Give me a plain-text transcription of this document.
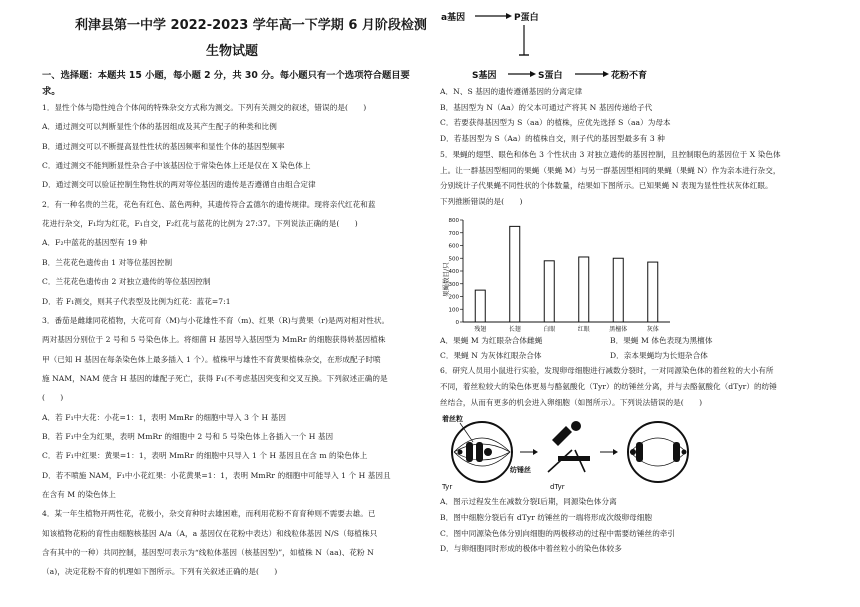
利津县第一中学 2022-2023 学年高一下学期 6 月阶段检测
生物试题
一、选择题：本题共 15 小题，每小题 2 分，共 30 分。每小题只有一个选项符合题目要
求。
1．显性个体与隐性纯合个体间的特殊杂交方式称为测交。下列有关测交的叙述，错误的是(　　)
A．通过测交可以判断显性个体的基因组成及其产生配子的种类和比例
B．通过测交可以不断提高显性性状的基因频率和显性个体的基因型频率
C．通过测交不能判断显性杂合子中该基因位于常染色体上还是仅在 X 染色体上
D．通过测交可以验证控制生物性状的两对等位基因的遗传是否遵循自由组合定律
2．有一种名贵的兰花，花色有红色、蓝色两种，其遗传符合孟德尔的遗传规律。现将亲代红花和蓝
花进行杂交，F₁均为红花，F₁自交，F₂红花与蓝花的比例为 27:37。下列说法正确的是(　　)
A．F₂中蓝花的基因型有 19 种
B．兰花花色遗传由 1 对等位基因控制
C．兰花花色遗传由 2 对独立遗传的等位基因控制
D．若 F₁测交，则其子代表型及比例为红花：蓝花=7:1
3．番茄是雌雄同花植物，大花可育（M)与小花雄性不育（m)、红果（R)与黄果（r)是两对相对性状。
两对基因分别位于 2 号和 5 号染色体上。将细菌 H 基因导入基因型为 MmRr 的细胞获得转基因植株
甲（已知 H 基因在每条染色体上最多插入 1 个）。植株甲与雄性不育黄果植株杂交，在形成配子时喷
施 NAM，NAM 使含 H 基因的雄配子死亡，获得 F₁(不考虑基因突变和交叉互换。下列叙述正确的是
(　　)
A．若 F₁中大花：小花=1：1，表明 MmRr 的细胞中导入 3 个 H 基因
B．若 F₁中全为红果，表明 MmRr 的细胞中 2 号和 5 号染色体上各插入一个 H 基因
C．若 F₁中红果：黄果=1：1，表明 MmRr 的细胞中只导入 1 个 H 基因且在含 m 的染色体上
D．若不喷施 NAM，F₁中小花红果：小花黄果=1：1，表明 MmRr 的细胞中可能导入 1 个 H 基因且
在含有 M 的染色体上
4．某一年生植物开两性花，花极小，杂交育种时去雄困难，而利用花粉不育育种则不需要去雄。已
知该植物花粉的育性由细胞核基因 A/a（A，a 基因仅在花粉中表达）和线粒体基因 N/S（每植株只
含有其中的一种）共同控制，基因型可表示为“线粒体基因（核基因型)”，如植株 N（aa)、花粉 N
（a)，决定花粉不育的机理如下图所示。下列有关叙述正确的是(　　)
a基因	P蛋白
S基因	S蛋白	花粉不育
A．N、S 基因的遗传遵循基因的分离定律
B．基因型为 N（Aa）的父本可通过产将其 N 基因传递给子代
C．若要获得基因型为 S（aa）的植株，应优先选择 S（aa）为母本
D．若基因型为 S（Aa）的植株自交，则子代的基因型最多有 3 种
5．果蝇的翅型、眼色和体色 3 个性状由 3 对独立遗传的基因控制，且控制眼色的基因位于 X 染色体
上。让一群基因型相同的果蝇（果蝇 M）与另一群基因型相同的果蝇（果蝇 N）作为亲本进行杂交，
分别统计子代果蝇不同性状的个体数量，结果如下图所示。已知果蝇 N 表现为显性性状灰体红眼。
下列推断错误的是(　　)
果蝇数目/只
0
100
200
300
400
500
600
700
800
残翅	长翅	白眼	红眼	黑檀体	灰体
A．果蝇 M 为红眼杂合体雌蝇	B．果蝇 M 体色表现为黑檀体
C．果蝇 N 为灰体红眼杂合体	D．亲本果蝇均为长翅杂合体
6．研究人员用小鼠进行实验，发现卵母细胞进行减数分裂时，一对同源染色体的着丝粒的大小有所
不同，着丝粒较大的染色体更易与酪氨酸化（Tyr）的纺锤丝分离，并与去酪氨酸化（dTyr）的纺锤
丝结合，从而有更多的机会进入卵细胞（如图所示）。下列说法错误的是(　　)
着丝粒
Tyr
纺锤丝
dTyr
A．图示过程发生在减数分裂Ⅰ后期，同源染色体分离
B．图中细胞分裂后有 dTyr 纺锤丝的一端将形成次级卵母细胞
C．图中同源染色体分别向细胞的两极移动的过程中需要纺锤丝的牵引
D．与卵细胞同时形成的极体中着丝粒小的染色体较多
